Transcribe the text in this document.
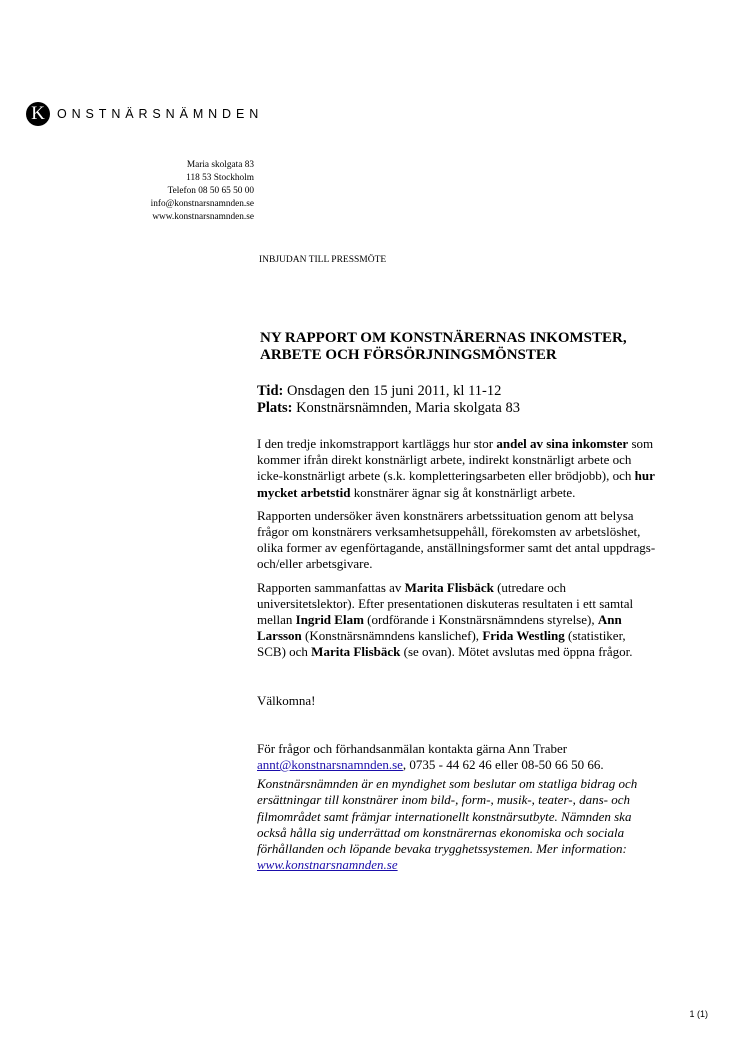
K ONSTNÄRSNÄMNDEN
Maria skolgata 83
118 53 Stockholm
Telefon 08 50 65 50 00
info@konstnarsnamnden.se
www.konstnarsnamnden.se
INBJUDAN TILL PRESSMÖTE
NY RAPPORT OM KONSTNÄRERNAS INKOMSTER,
ARBETE OCH FÖRSÖRJNINGSMÖNSTER
Tid: Onsdagen den 15 juni 2011, kl 11-12
Plats: Konstnärsnämnden, Maria skolgata 83

I den tredje inkomstrapport kartläggs hur stor andel av sina inkomster som kommer ifrån direkt konstnärligt arbete, indirekt konstnärligt arbete och icke-konstnärligt arbete (s.k. kompletteringsarbeten eller brödjobb), och hur mycket arbetstid konstnärer ägnar sig åt konstnärligt arbete.

Rapporten undersöker även konstnärers arbetssituation genom att belysa frågor om konstnärers verksamhetsuppehåll, förekomsten av arbetslöshet, olika former av egenförtagande, anställningsformer samt det antal uppdrags- och/eller arbetsgivare.

Rapporten sammanfattas av Marita Flisbäck (utredare och universitetslektor). Efter presentationen diskuteras resultaten i ett samtal mellan Ingrid Elam (ordförande i Konstnärsnämndens styrelse), Ann Larsson (Konstnärsnämndens kanslichef), Frida Westling (statistiker, SCB) och Marita Flisbäck (se ovan). Mötet avslutas med öppna frågor.

Välkomna!

För frågor och förhandsanmälan kontakta gärna Ann Traber
annt@konstnarsnamnden.se, 0735 - 44 62 46 eller 08-50 66 50 66.

Konstnärsnämnden är en myndighet som beslutar om statliga bidrag och ersättningar till konstnärer inom bild-, form-, musik-, teater-, dans- och filmområdet samt främjar internationellt konstnärsutbyte. Nämnden ska också hålla sig underrättad om konstnärernas ekonomiska och sociala förhållanden och löpande bevaka trygghetssystemen. Mer information: www.konstnarsnamnden.se

1 (1)
